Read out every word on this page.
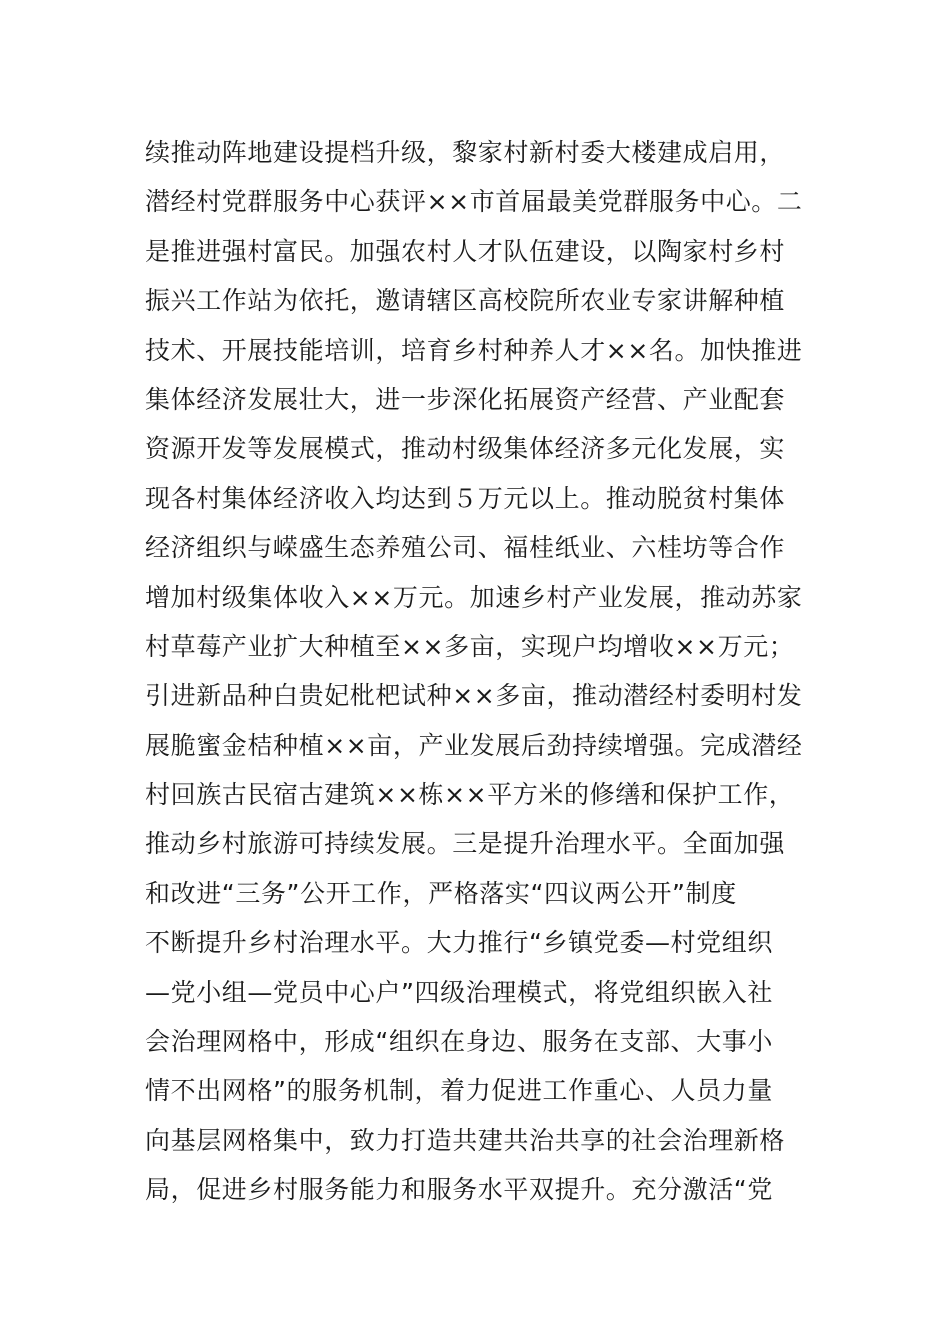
续推动阵地建设提档升级，黎家村新村委大楼建成启用，
潜经村党群服务中心获评××市首届最美党群服务中心。二
是推进强村富民。加强农村人才队伍建设，以陶家村乡村
振兴工作站为依托，邀请辖区高校院所农业专家讲解种植
技术、开展技能培训，培育乡村种养人才××名。加快推进
集体经济发展壮大，进一步深化拓展资产经营、产业配套
资源开发等发展模式，推动村级集体经济多元化发展，实
现各村集体经济收入均达到５万元以上。推动脱贫村集体
经济组织与嵘盛生态养殖公司、福桂纸业、六桂坊等合作
增加村级集体收入××万元。加速乡村产业发展，推动苏家
村草莓产业扩大种植至××多亩，实现户均增收××万元；
引进新品种白贵妃枇杷试种××多亩，推动潜经村委明村发
展脆蜜金桔种植××亩，产业发展后劲持续增强。完成潜经
村回族古民宿古建筑××栋××平方米的修缮和保护工作，
推动乡村旅游可持续发展。三是提升治理水平。全面加强
和改进“三务”公开工作，严格落实“四议两公开”制度
不断提升乡村治理水平。大力推行“乡镇党委—村党组织
—党小组—党员中心户”四级治理模式，将党组织嵌入社
会治理网格中，形成“组织在身边、服务在支部、大事小
情不出网格”的服务机制，着力促进工作重心、人员力量
向基层网格集中，致力打造共建共治共享的社会治理新格
局，促进乡村服务能力和服务水平双提升。充分激活“党
